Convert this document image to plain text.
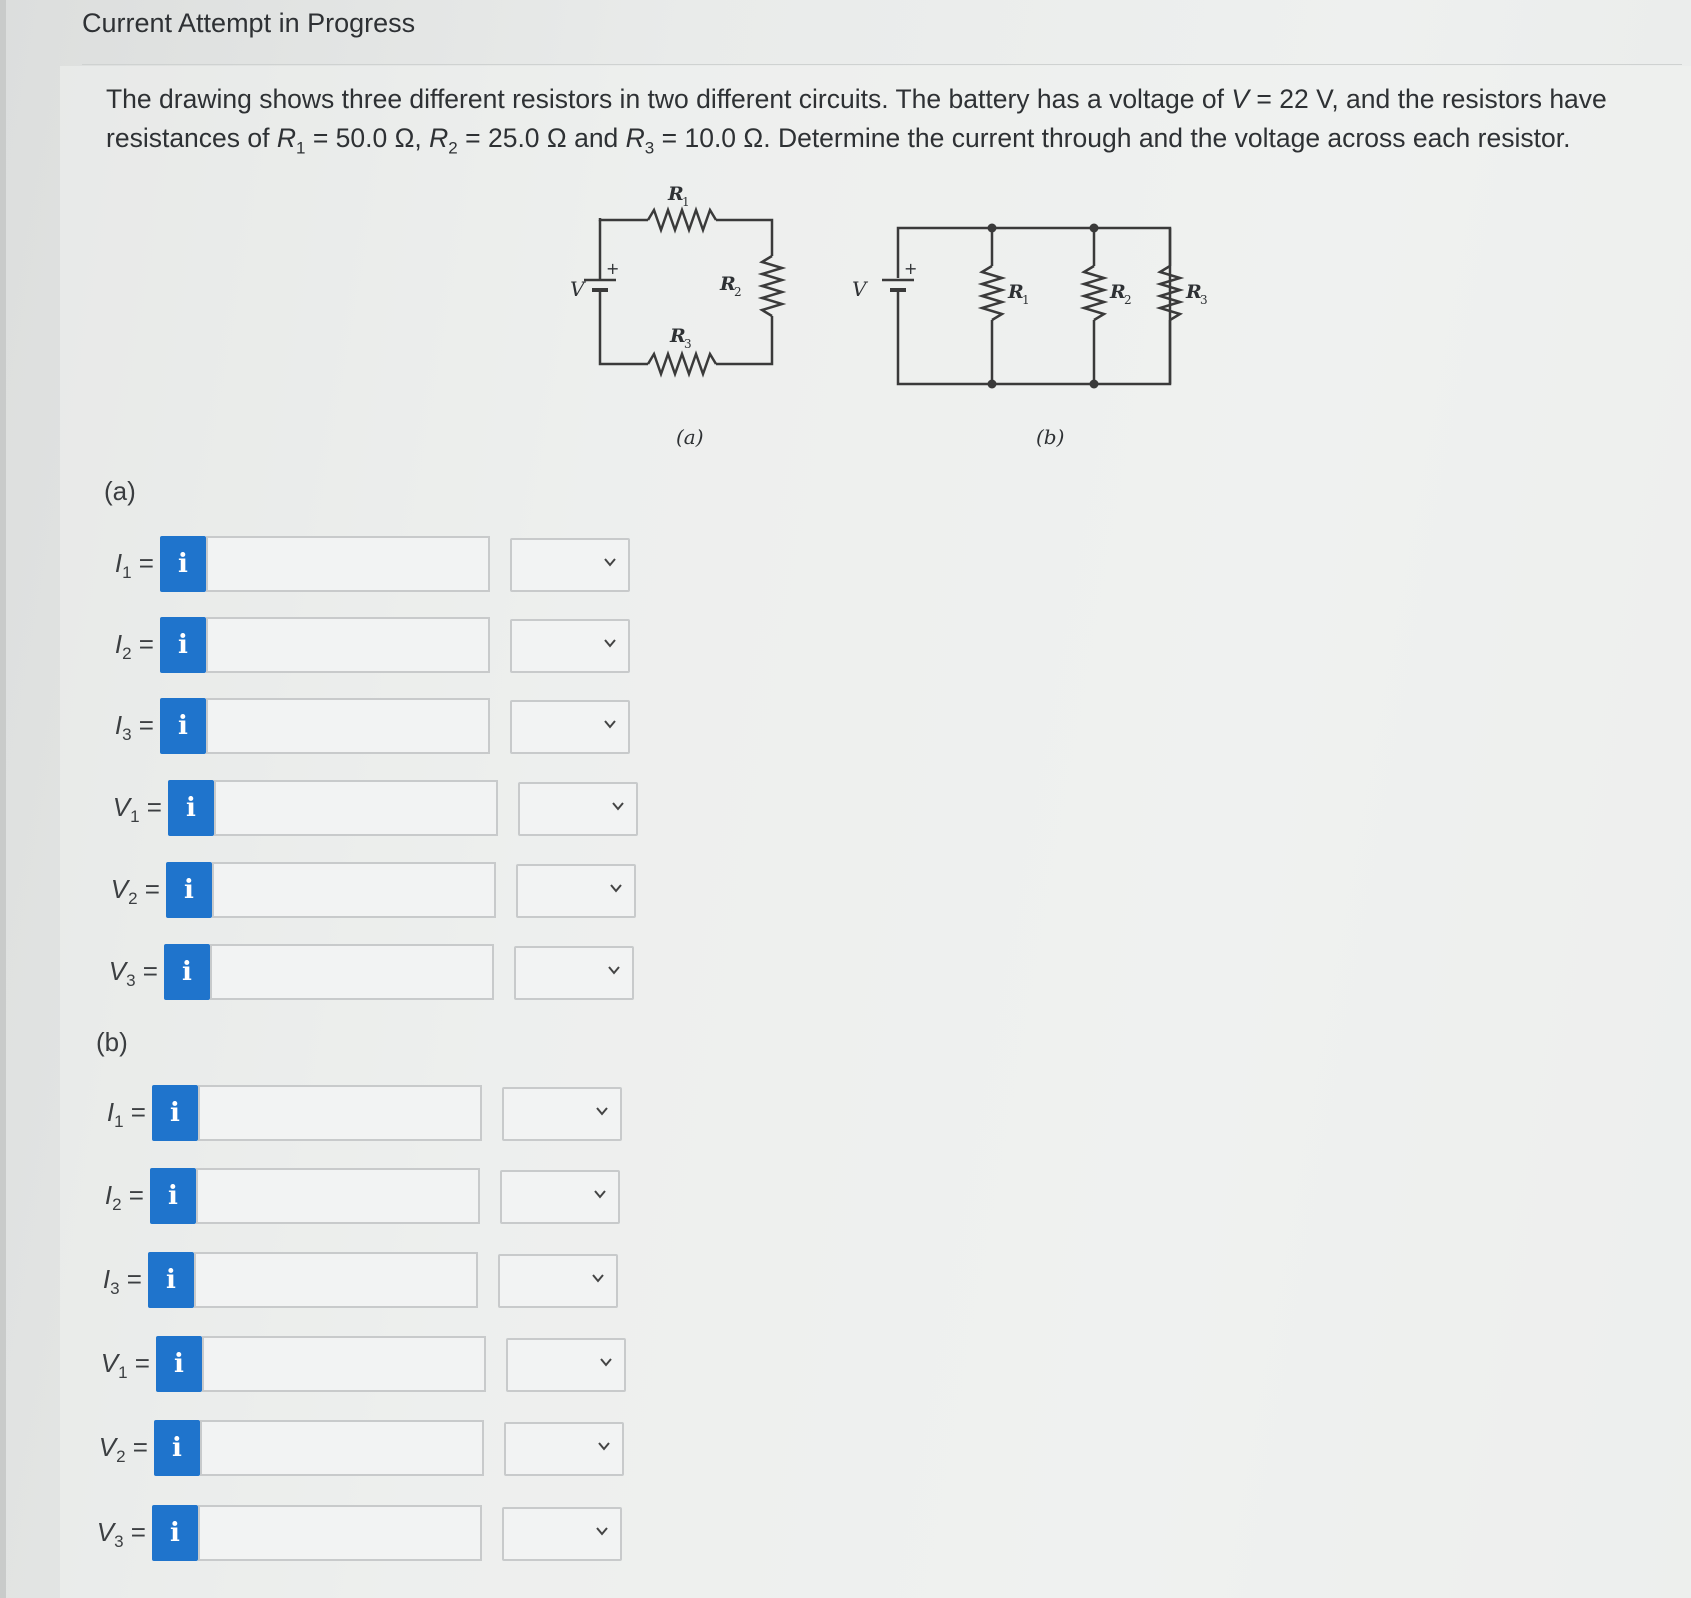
Current Attempt in Progress
The drawing shows three different resistors in two different circuits. The battery has a voltage of V = 22 V, and the resistors have resistances of $R_1 = 50.0$ Ω, $R_2 = 25.0$ Ω and $R_3 = 10.0$ Ω. Determine the current through and the voltage across each resistor.
V
+
R
1
R
2
R
3
(a)
V
+
R
1	R
2	R
3
(b)
(a)
$I_1 = i$
$I_2 = i$
$I_3 = i$
$V_1 = i$
$V_2 = i$
$V_3 = i$
(b)
$I_1 = i$
$I_2 = i$
$I_3 = i$
$V_1 = i$
$V_2 = i$
$V_3 = i$
